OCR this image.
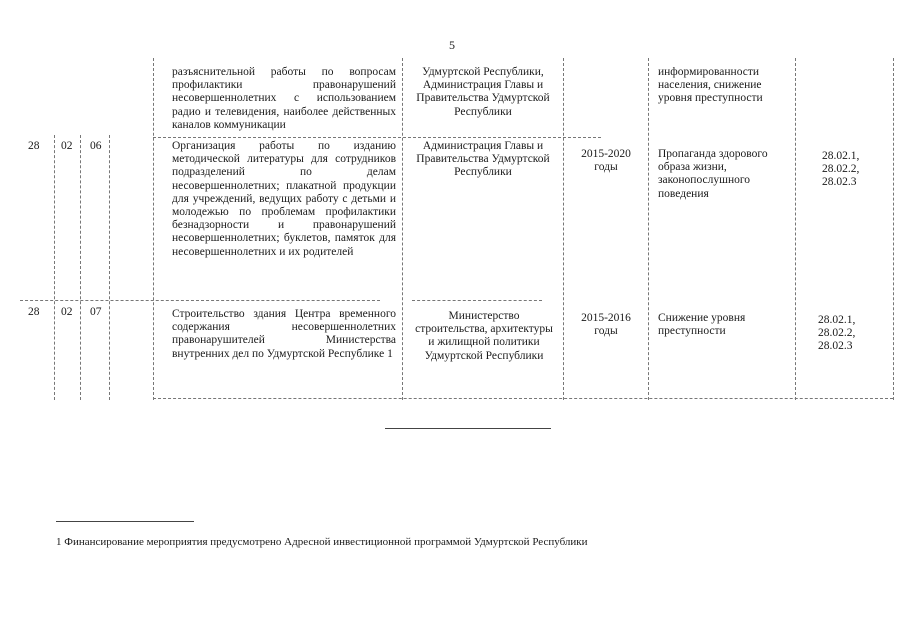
5
разъяснительной работы по вопросам профилактики правонарушений несовершеннолетних с использованием радио и телевидения, наиболее действенных каналов коммуникации
Удмуртской Республики, Администрация Главы и Правительства Удмуртской Республики
информированности населения, снижение уровня преступности
28 02 06	Организация работы по изданию методической литературы для сотрудников подразделений по делам несовершеннолетних; плакатной продукции для учреждений, ведущих работу с детьми и молодежью по проблемам профилактики безнадзорности и правонарушений несовершеннолетних; буклетов, памяток для несовершеннолетних и их родителей
Администрация Главы и Правительства Удмуртской Республики
2015-2020 годы
Пропаганда здорового образа жизни, законопослушного поведения
28.02.1,
28.02.2,
28.02.3
28 02 07	Строительство здания Центра временного содержания несовершеннолетних правонарушителей Министерства внутренних дел по Удмуртской Республике 1
Министерство строительства, архитектуры и жилищной политики Удмуртской Республики
2015-2016 годы
Снижение уровня преступности
28.02.1,
28.02.2,
28.02.3
1 Финансирование мероприятия предусмотрено Адресной инвестиционной программой Удмуртской Республики
